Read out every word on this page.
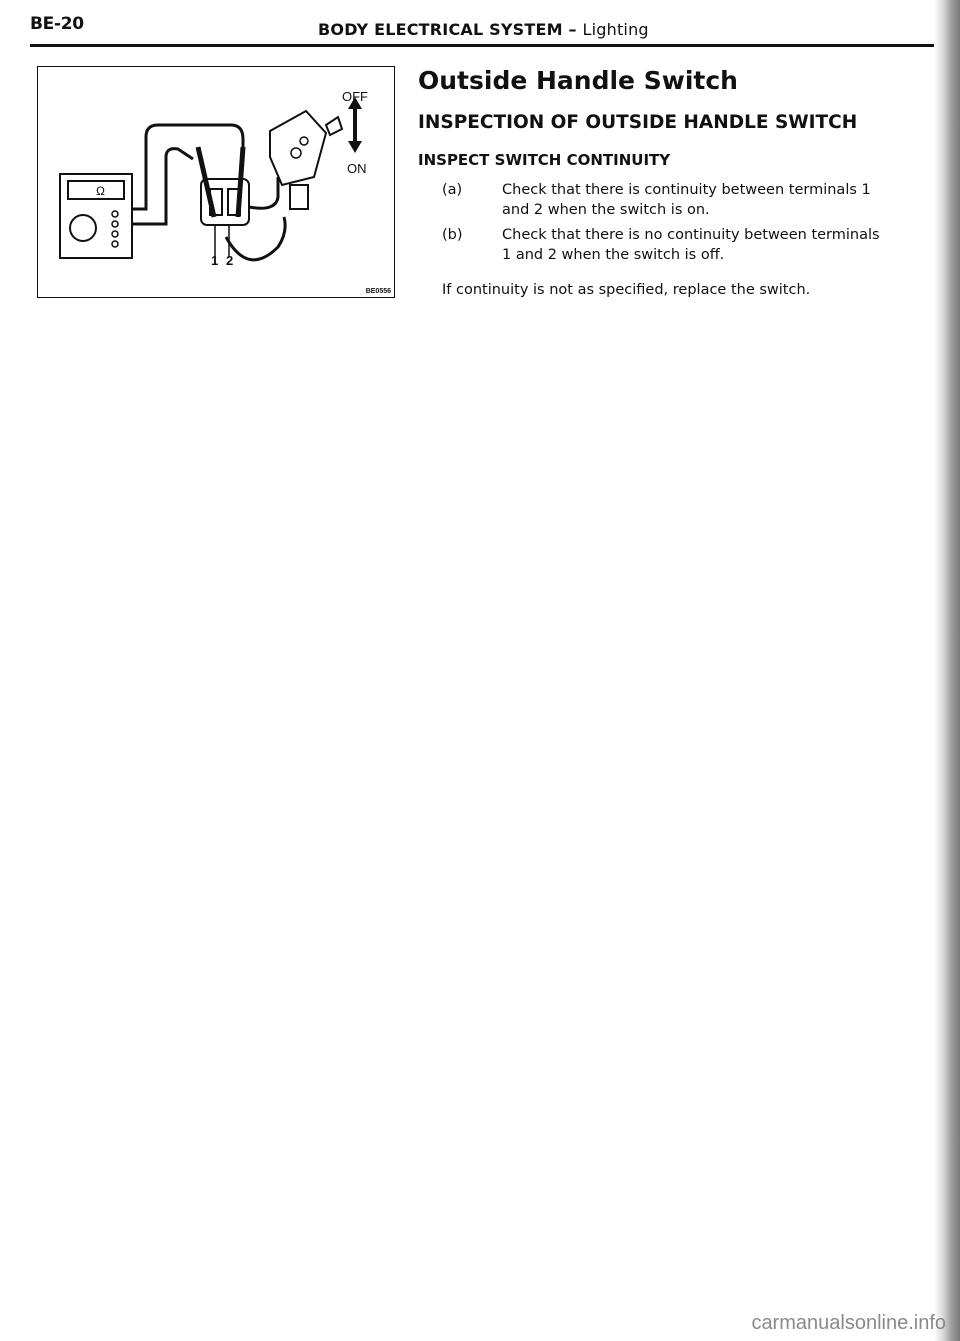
BE-20	BODY ELECTRICAL SYSTEM – Lighting
Ω
OFF
ON
1 2
BE0556
Outside Handle Switch
INSPECTION OF OUTSIDE HANDLE SWITCH
INSPECT SWITCH CONTINUITY
(a)	Check that there is continuity between terminals 1
and 2 when the switch is on.
(b)	Check that there is no continuity between terminals
1 and 2 when the switch is off.
If continuity is not as specified, replace the switch.
carmanualsonline.info
